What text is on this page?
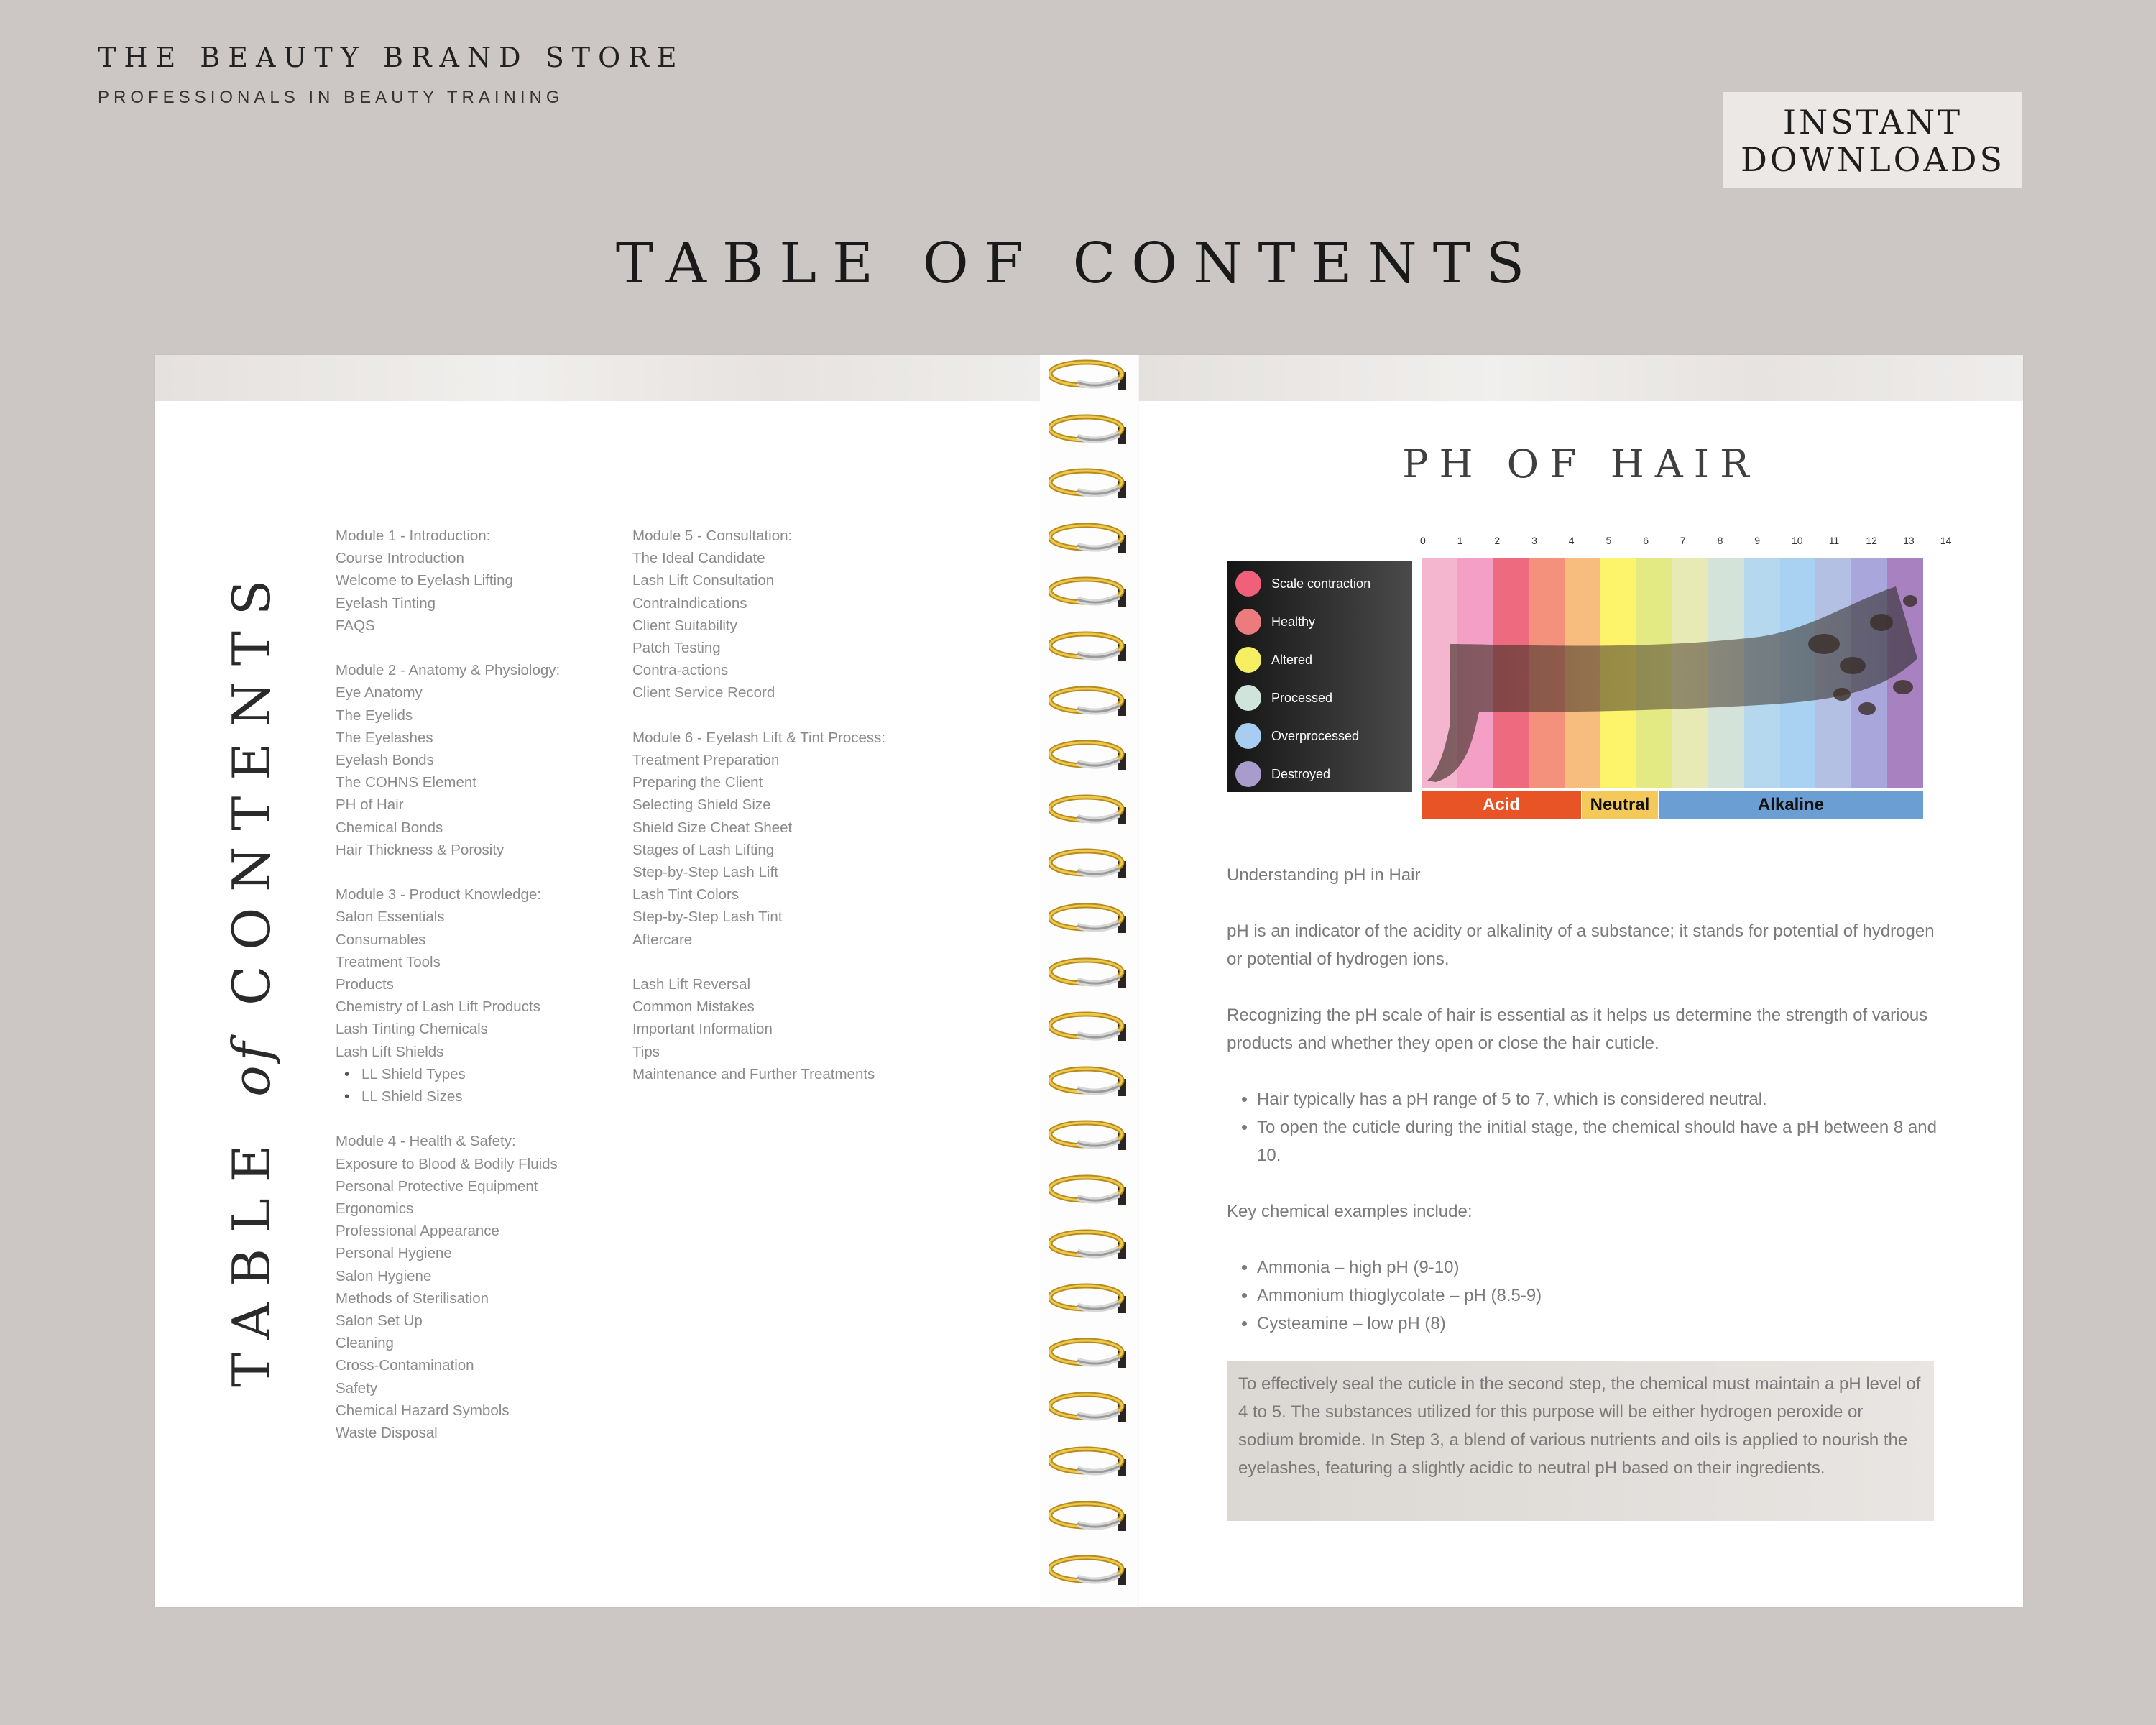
THE BEAUTY BRAND STORE
PROFESSIONALS IN BEAUTY TRAINING
INSTANT
DOWNLOADS
TABLE OF CONTENTS
TABLE of CONTENTS
Module 1 - Introduction:
Course Introduction
Welcome to Eyelash Lifting
Eyelash Tinting
FAQS
Module 2 - Anatomy & Physiology:
Eye Anatomy
The Eyelids
The Eyelashes
Eyelash Bonds
The COHNS Element
PH of Hair
Chemical Bonds
Hair Thickness & Porosity
Module 3 - Product Knowledge:
Salon Essentials
Consumables
Treatment Tools
Products
Chemistry of Lash Lift Products
Lash Tinting Chemicals
Lash Lift Shields
• LL Shield Types
• LL Shield Sizes
Module 4 - Health & Safety:
Exposure to Blood & Bodily Fluids
Personal Protective Equipment
Ergonomics
Professional Appearance
Personal Hygiene
Salon Hygiene
Methods of Sterilisation
Salon Set Up
Cleaning
Cross-Contamination
Safety
Chemical Hazard Symbols
Waste Disposal
Module 5 - Consultation:
The Ideal Candidate
Lash Lift Consultation
ContraIndications
Client Suitability
Patch Testing
Contra-actions
Client Service Record
Module 6 - Eyelash Lift & Tint Process:
Treatment Preparation
Preparing the Client
Selecting Shield Size
Shield Size Cheat Sheet
Stages of Lash Lifting
Step-by-Step Lash Lift
Lash Tint Colors
Step-by-Step Lash Tint
Aftercare
Lash Lift Reversal
Common Mistakes
Important Information
Tips
Maintenance and Further Treatments
PH OF HAIR
0	1	2	3	4	5	6	7	8	9	10	11	12	13	14
Scale contraction
Healthy
Altered
Processed
Overprocessed
Destroyed
Understanding pH in Hair
pH is an indicator of the acidity or alkalinity of a substance; it stands for potential of hydrogen or potential of hydrogen ions.
Recognizing the pH scale of hair is essential as it helps us determine the strength of various products and whether they open or close the hair cuticle.
• Hair typically has a pH range of 5 to 7, which is considered neutral.
• To open the cuticle during the initial stage, the chemical should have a pH between 8 and 10.
Key chemical examples include:
• Ammonia – high pH (9-10)
• Ammonium thioglycolate – pH (8.5-9)
• Cysteamine – low pH (8)
To effectively seal the cuticle in the second step, the chemical must maintain a pH level of 4 to 5. The substances utilized for this purpose will be either hydrogen peroxide or sodium bromide. In Step 3, a blend of various nutrients and oils is applied to nourish the eyelashes, featuring a slightly acidic to neutral pH based on their ingredients.
Acid	Neutral	Alkaline
